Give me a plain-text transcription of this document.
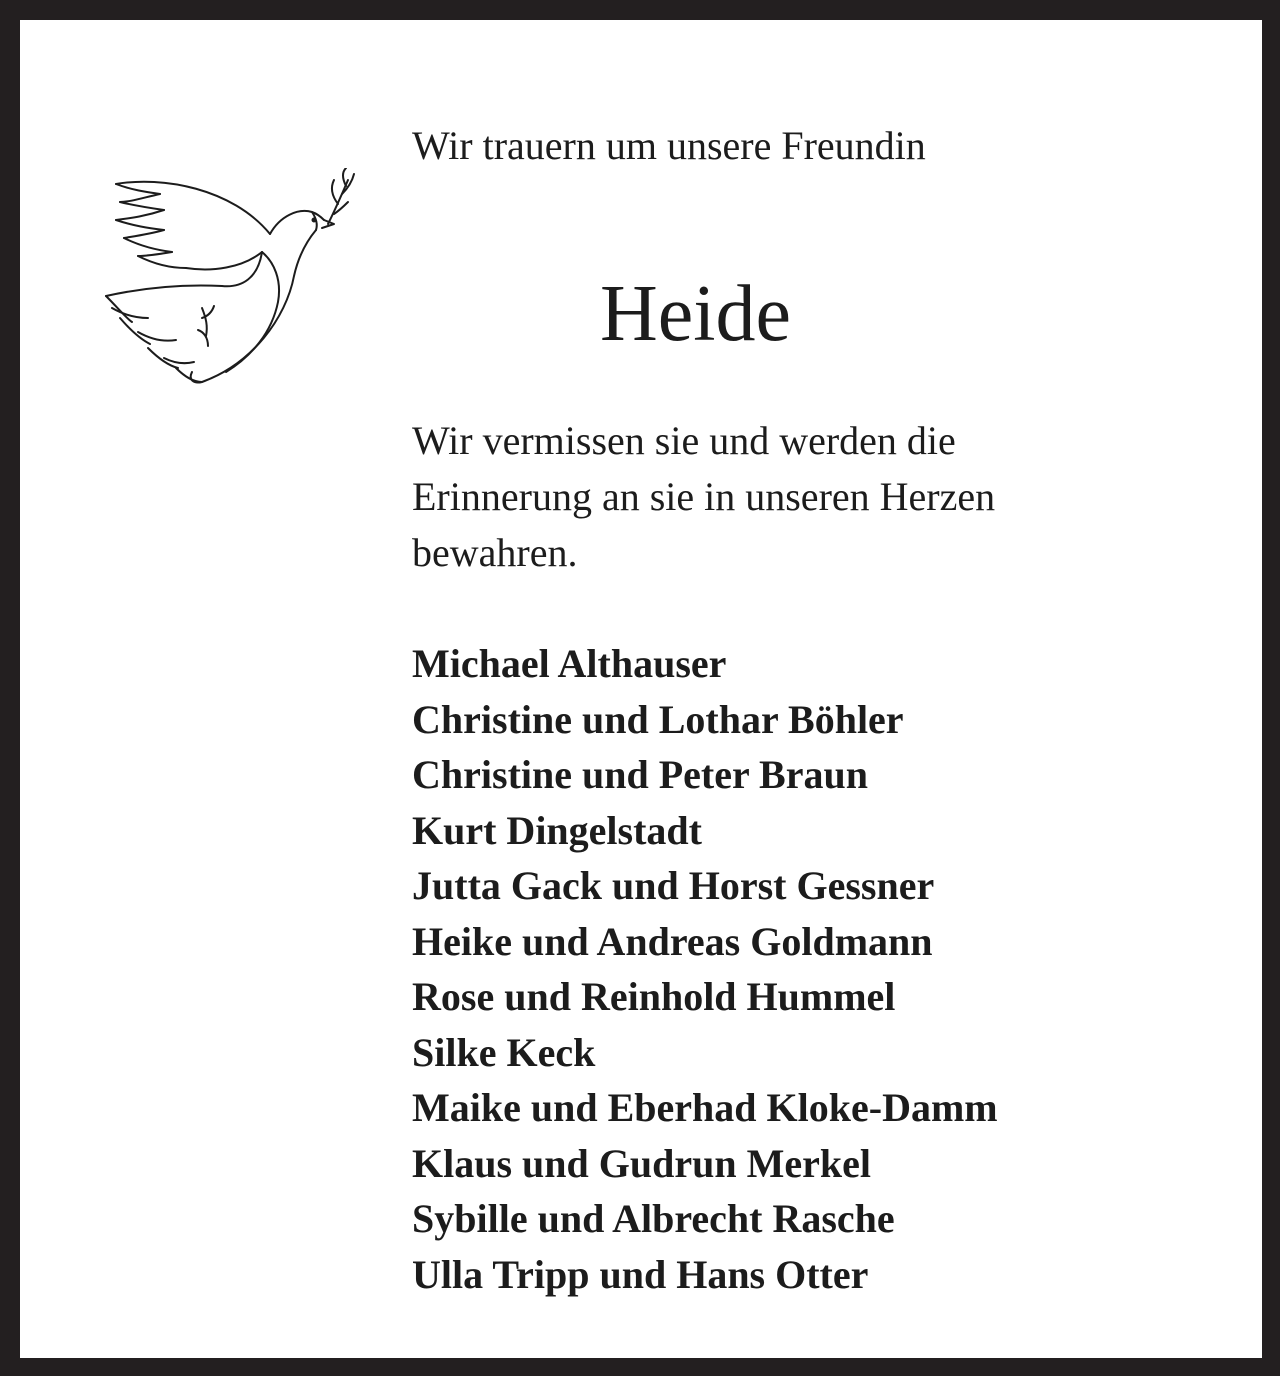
Wir trauern um unsere Freundin

Heide

Wir vermissen sie und werden die
Erinnerung an sie in unseren Herzen
bewahren.

Michael Althauser
Christine und Lothar Böhler
Christine und Peter Braun
Kurt Dingelstadt
Jutta Gack und Horst Gessner
Heike und Andreas Goldmann
Rose und Reinhold Hummel
Silke Keck
Maike und Eberhad Kloke-Damm
Klaus und Gudrun Merkel
Sybille und Albrecht Rasche
Ulla Tripp und Hans Otter
